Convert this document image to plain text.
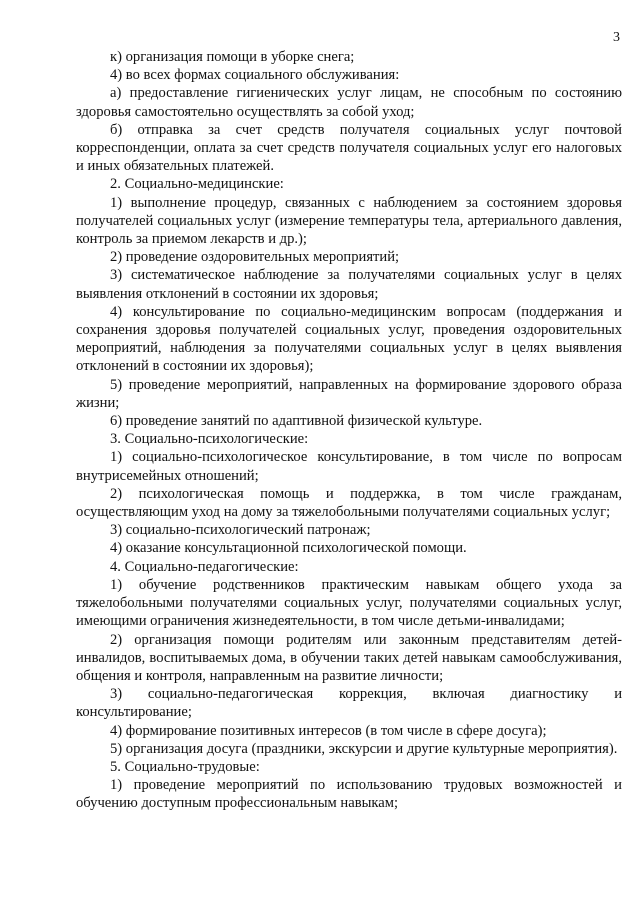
3

к) организация помощи в уборке снега;

4) во всех формах социального обслуживания:

а) предоставление гигиенических услуг лицам, не способным по состоянию здоровья самостоятельно осуществлять за собой уход;

б) отправка за счет средств получателя социальных услуг почтовой корреспонденции, оплата за счет средств получателя социальных услуг его налоговых и иных обязательных платежей.

2. Социально-медицинские:

1) выполнение процедур, связанных с наблюдением за состоянием здоровья получателей социальных услуг (измерение температуры тела, артериального давления, контроль за приемом лекарств и др.);

2) проведение оздоровительных мероприятий;

3) систематическое наблюдение за получателями социальных услуг в целях выявления отклонений в состоянии их здоровья;

4) консультирование по социально-медицинским вопросам (поддержания и сохранения здоровья получателей социальных услуг, проведения оздоровительных мероприятий, наблюдения за получателями социальных услуг в целях выявления отклонений в состоянии их здоровья);

5) проведение мероприятий, направленных на формирование здорового образа жизни;

6) проведение занятий по адаптивной физической культуре.

3. Социально-психологические:

1) социально-психологическое консультирование, в том числе по вопросам внутрисемейных отношений;

2) психологическая помощь и поддержка, в том числе гражданам, осуществляющим уход на дому за тяжелобольными получателями социальных услуг;

3) социально-психологический патронаж;

4) оказание консультационной психологической помощи.

4. Социально-педагогические:

1) обучение родственников практическим навыкам общего ухода за тяжелобольными получателями социальных услуг, получателями социальных услуг, имеющими ограничения жизнедеятельности, в том числе детьми-инвалидами;

2) организация помощи родителям или законным представителям детей-инвалидов, воспитываемых дома, в обучении таких детей навыкам самообслуживания, общения и контроля, направленным на развитие личности;

3) социально-педагогическая коррекция, включая диагностику и консультирование;

4) формирование позитивных интересов (в том числе в сфере досуга);

5) организация досуга (праздники, экскурсии и другие культурные мероприятия).

5. Социально-трудовые:

1) проведение мероприятий по использованию трудовых возможностей и обучению доступным профессиональным навыкам;
